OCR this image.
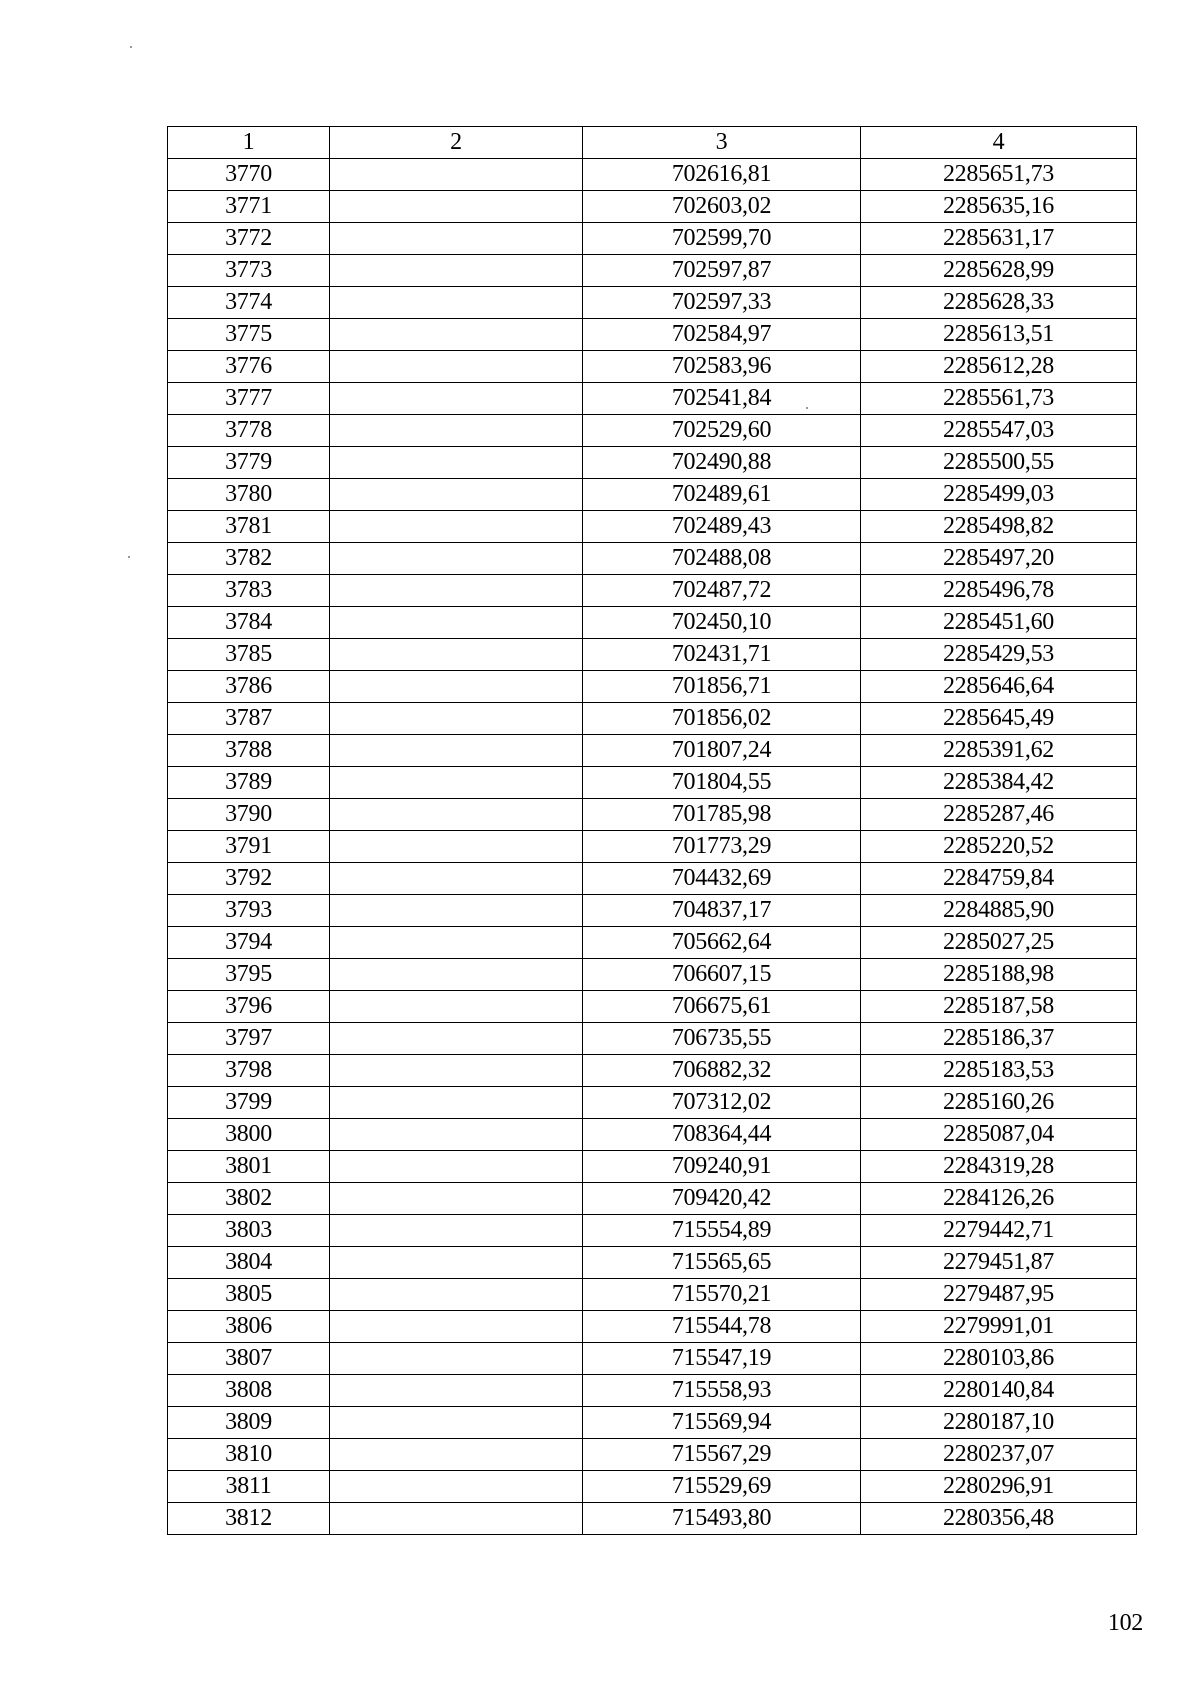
1	2	3	4
3770		702616,81	2285651,73
3771		702603,02	2285635,16
3772		702599,70	2285631,17
3773		702597,87	2285628,99
3774		702597,33	2285628,33
3775		702584,97	2285613,51
3776		702583,96	2285612,28
3777		702541,84	2285561,73
3778		702529,60	2285547,03
3779		702490,88	2285500,55
3780		702489,61	2285499,03
3781		702489,43	2285498,82
3782		702488,08	2285497,20
3783		702487,72	2285496,78
3784		702450,10	2285451,60
3785		702431,71	2285429,53
3786		701856,71	2285646,64
3787		701856,02	2285645,49
3788		701807,24	2285391,62
3789		701804,55	2285384,42
3790		701785,98	2285287,46
3791		701773,29	2285220,52
3792		704432,69	2284759,84
3793		704837,17	2284885,90
3794		705662,64	2285027,25
3795		706607,15	2285188,98
3796		706675,61	2285187,58
3797		706735,55	2285186,37
3798		706882,32	2285183,53
3799		707312,02	2285160,26
3800		708364,44	2285087,04
3801		709240,91	2284319,28
3802		709420,42	2284126,26
3803		715554,89	2279442,71
3804		715565,65	2279451,87
3805		715570,21	2279487,95
3806		715544,78	2279991,01
3807		715547,19	2280103,86
3808		715558,93	2280140,84
3809		715569,94	2280187,10
3810		715567,29	2280237,07
3811		715529,69	2280296,91
3812		715493,80	2280356,48
102
